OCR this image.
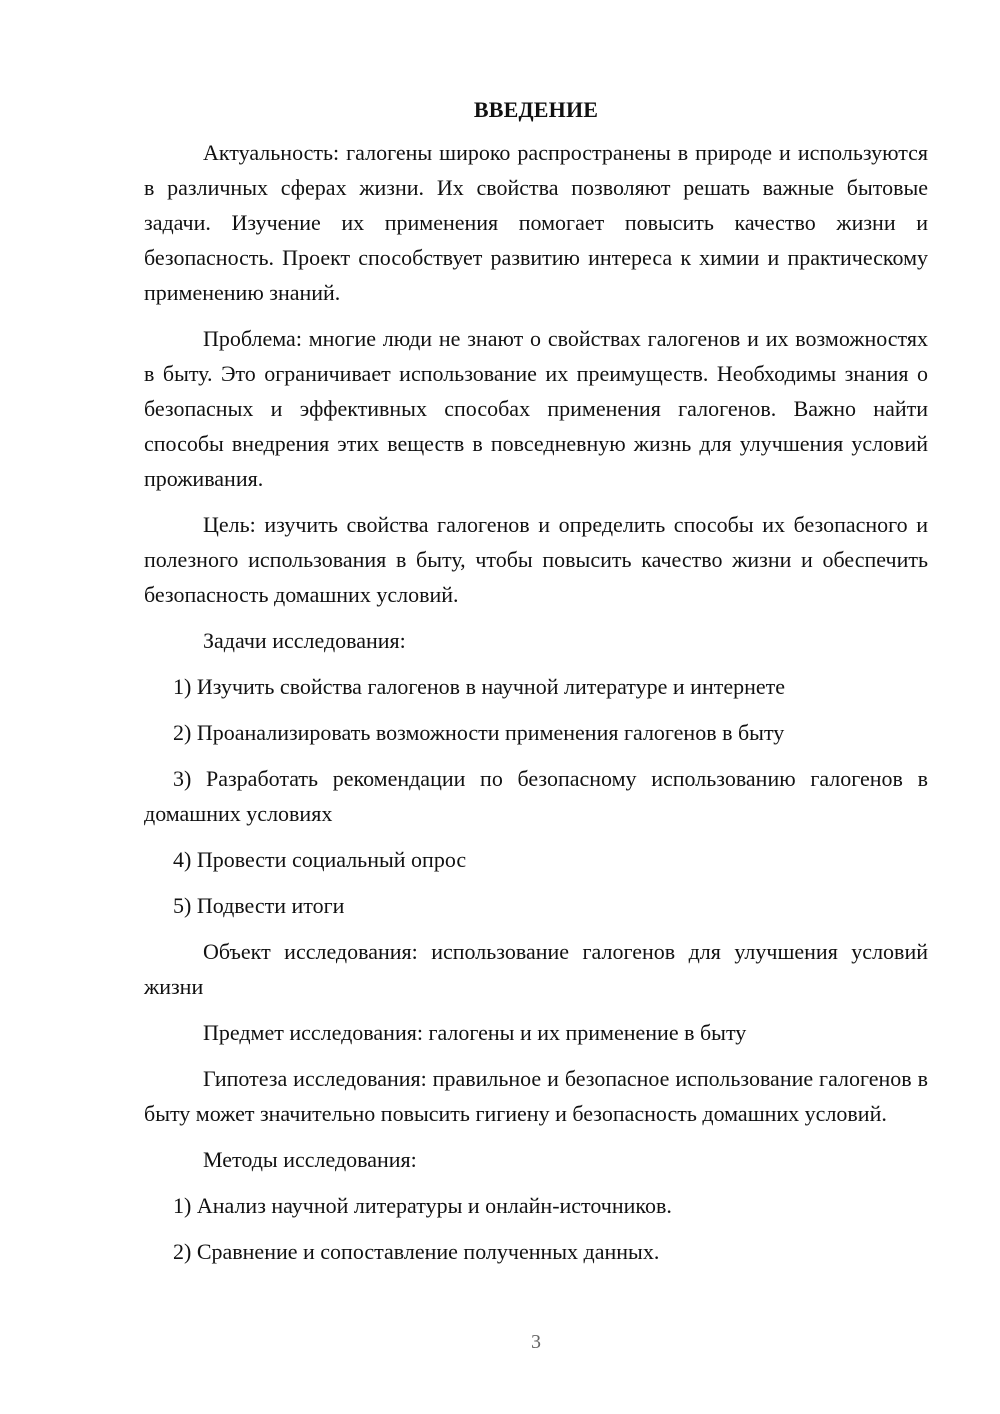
ВВЕДЕНИЕ

Актуальность: галогены широко распространены в природе и используются в различных сферах жизни. Их свойства позволяют решать важные бытовые задачи. Изучение их применения помогает повысить качество жизни и безопасность. Проект способствует развитию интереса к химии и практическому применению знаний.

Проблема: многие люди не знают о свойствах галогенов и их возможностях в быту. Это ограничивает использование их преимуществ. Необходимы знания о безопасных и эффективных способах применения галогенов. Важно найти способы внедрения этих веществ в повседневную жизнь для улучшения условий проживания.

Цель: изучить свойства галогенов и определить способы их безопасного и полезного использования в быту, чтобы повысить качество жизни и обеспечить безопасность домашних условий.

Задачи исследования:

1) Изучить свойства галогенов в научной литературе и интернете

2) Проанализировать возможности применения галогенов в быту

3) Разработать рекомендации по безопасному использованию галогенов в домашних условиях

4) Провести социальный опрос

5) Подвести итоги

Объект исследования: использование галогенов для улучшения условий жизни

Предмет исследования: галогены и их применение в быту

Гипотеза исследования: правильное и безопасное использование галогенов в быту может значительно повысить гигиену и безопасность домашних условий.

Методы исследования:

1) Анализ научной литературы и онлайн-источников.

2) Сравнение и сопоставление полученных данных.

3
